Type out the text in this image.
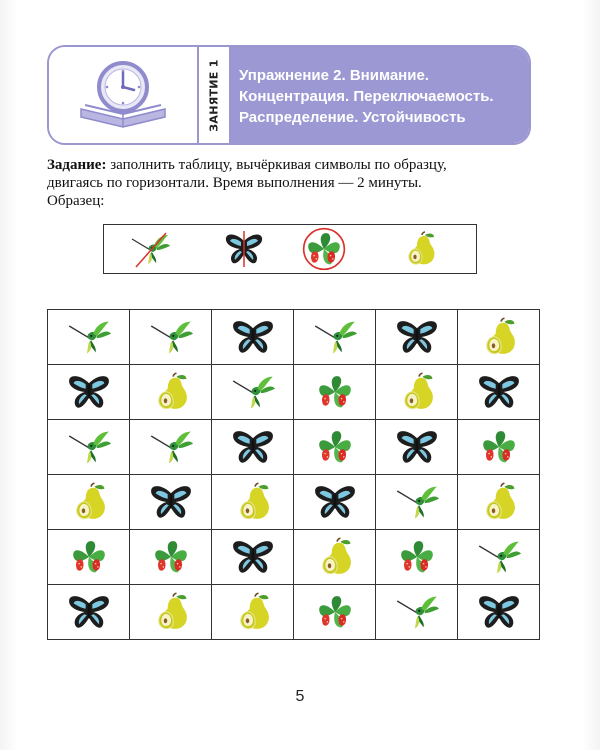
ЗАНЯТИЕ 1 Упражнение 2. Внимание.
Концентрация. Переключаемость.
Распределение. Устойчивость
Задание: заполнить таблицу, вычёркивая символы по образцу,
двигаясь по горизонтали. Время выполнения — 2 минуты.
Образец:

5
